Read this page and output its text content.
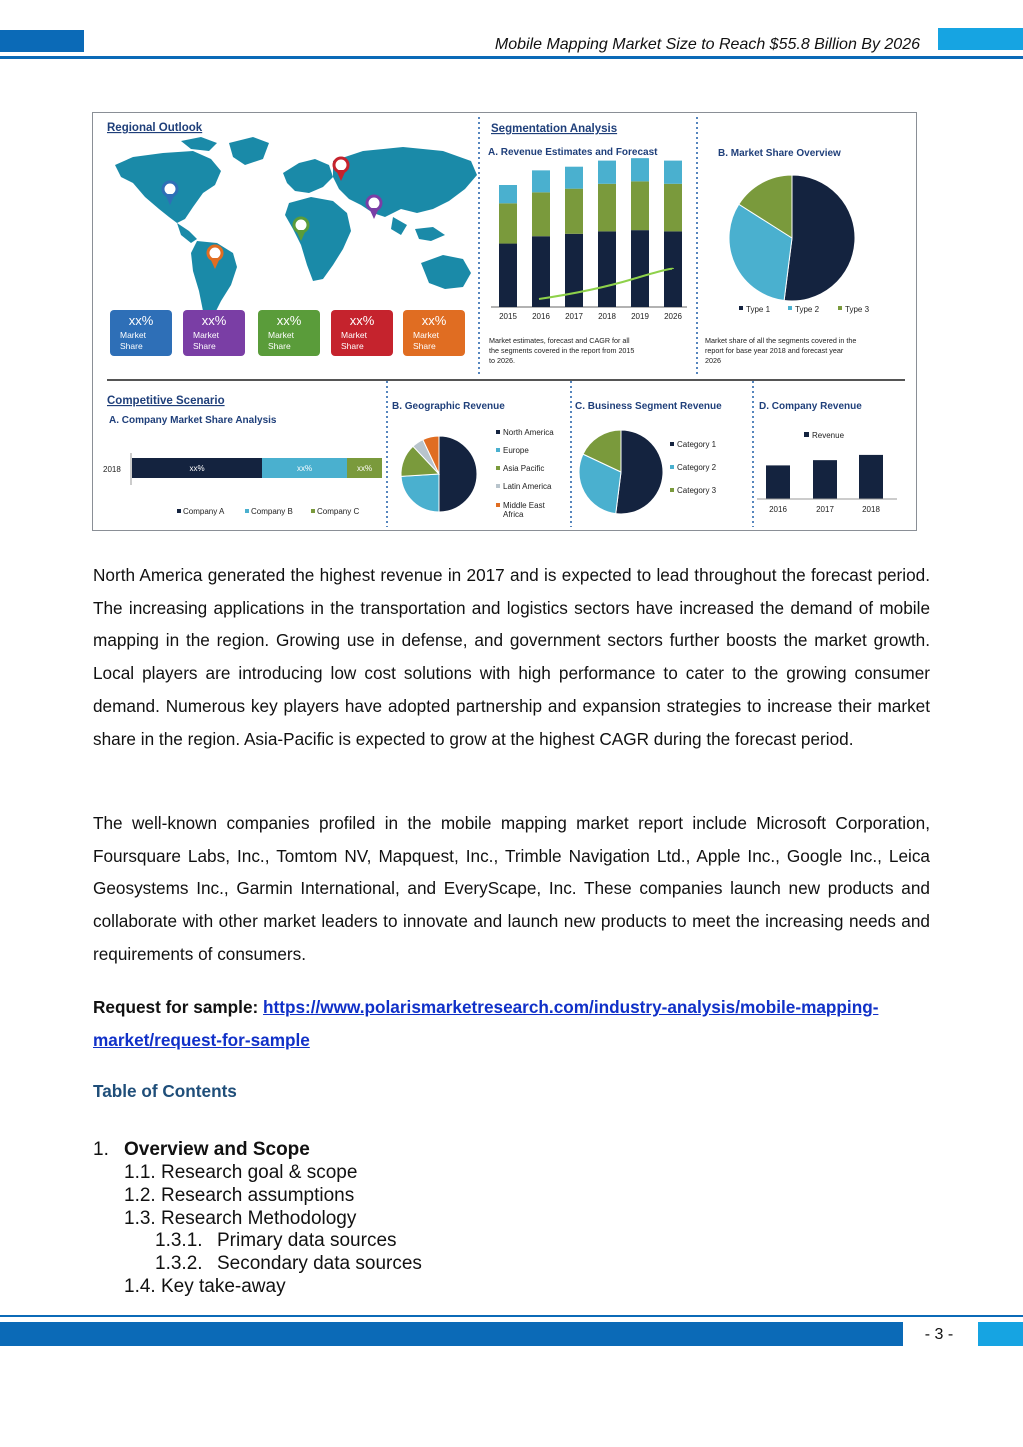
Mobile Mapping Market Size to Reach $55.8 Billion By 2026
Regional Outlook
xx%
Market
Share
xx%
Market
Share
xx%
Market
Share
xx%
Market
Share
xx%
Market
Share
Segmentation Analysis
A. Revenue Estimates and Forecast
2015 2016 2017 2018 2019 2026
Market estimates, forecast and CAGR for all
the segments covered in the report from 2015
to 2026.
B. Market Share Overview
Type 1	Type 2	Type 3
Market share of all the segments covered in the
report for base year 2018 and forecast year
2026
Competitive Scenario
A. Company Market Share Analysis
2018	xx%	xx%	xx%
Company A	Company B	Company C
B. Geographic Revenue
North America
Europe
Asia Pacific
Latin America
Middle East
Africa
C. Business Segment Revenue
Category 1
Category 2
Category 3
D. Company Revenue
Revenue
2016	2017	2018

North America generated the highest revenue in 2017 and is expected to lead throughout the forecast period. The increasing applications in the transportation and logistics sectors have increased the demand of mobile mapping in the region. Growing use in defense, and government sectors further boosts the market growth. Local players are introducing low cost solutions with high performance to cater to the growing consumer demand. Numerous key players have adopted partnership and expansion strategies to increase their market share in the region. Asia-Pacific is expected to grow at the highest CAGR during the forecast period.

The well-known companies profiled in the mobile mapping market report include Microsoft Corporation, Foursquare Labs, Inc., Tomtom NV, Mapquest, Inc., Trimble Navigation Ltd., Apple Inc., Google Inc., Leica Geosystems Inc., Garmin International, and EveryScape, Inc. These companies launch new products and collaborate with other market leaders to innovate and launch new products to meet the increasing needs and requirements of consumers.

Request for sample: https://www.polarismarketresearch.com/industry-analysis/mobile-mapping-market/request-for-sample

Table of Contents

1. Overview and Scope
1.1. Research goal & scope
1.2. Research assumptions
1.3. Research Methodology
1.3.1. Primary data sources
1.3.2. Secondary data sources
1.4. Key take-away
- 3 -
